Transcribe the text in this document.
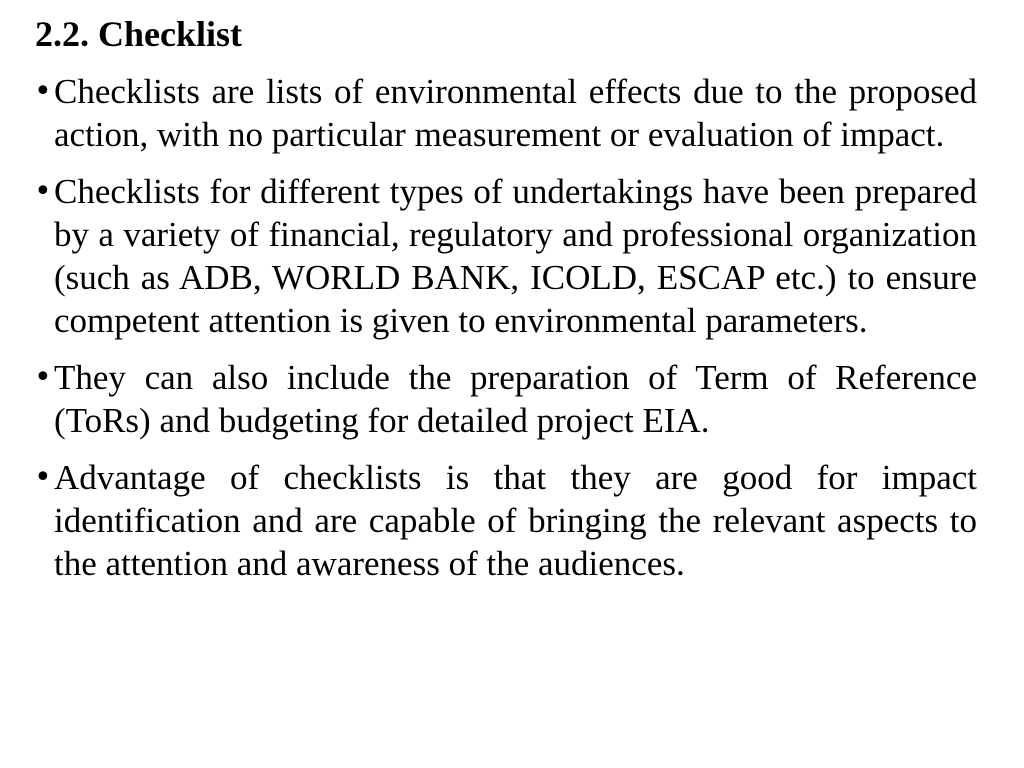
2.2. Checklist
• Checklists are lists of environmental effects due to the proposed action, with no particular measurement or evaluation of impact.
• Checklists for different types of undertakings have been prepared by a variety of financial, regulatory and professional organization (such as ADB, WORLD BANK, ICOLD, ESCAP etc.) to ensure competent attention is given to environmental parameters.
• They can also include the preparation of Term of Reference (ToRs) and budgeting for detailed project EIA.
• Advantage of checklists is that they are good for impact identification and are capable of bringing the relevant aspects to the attention and awareness of the audiences.
